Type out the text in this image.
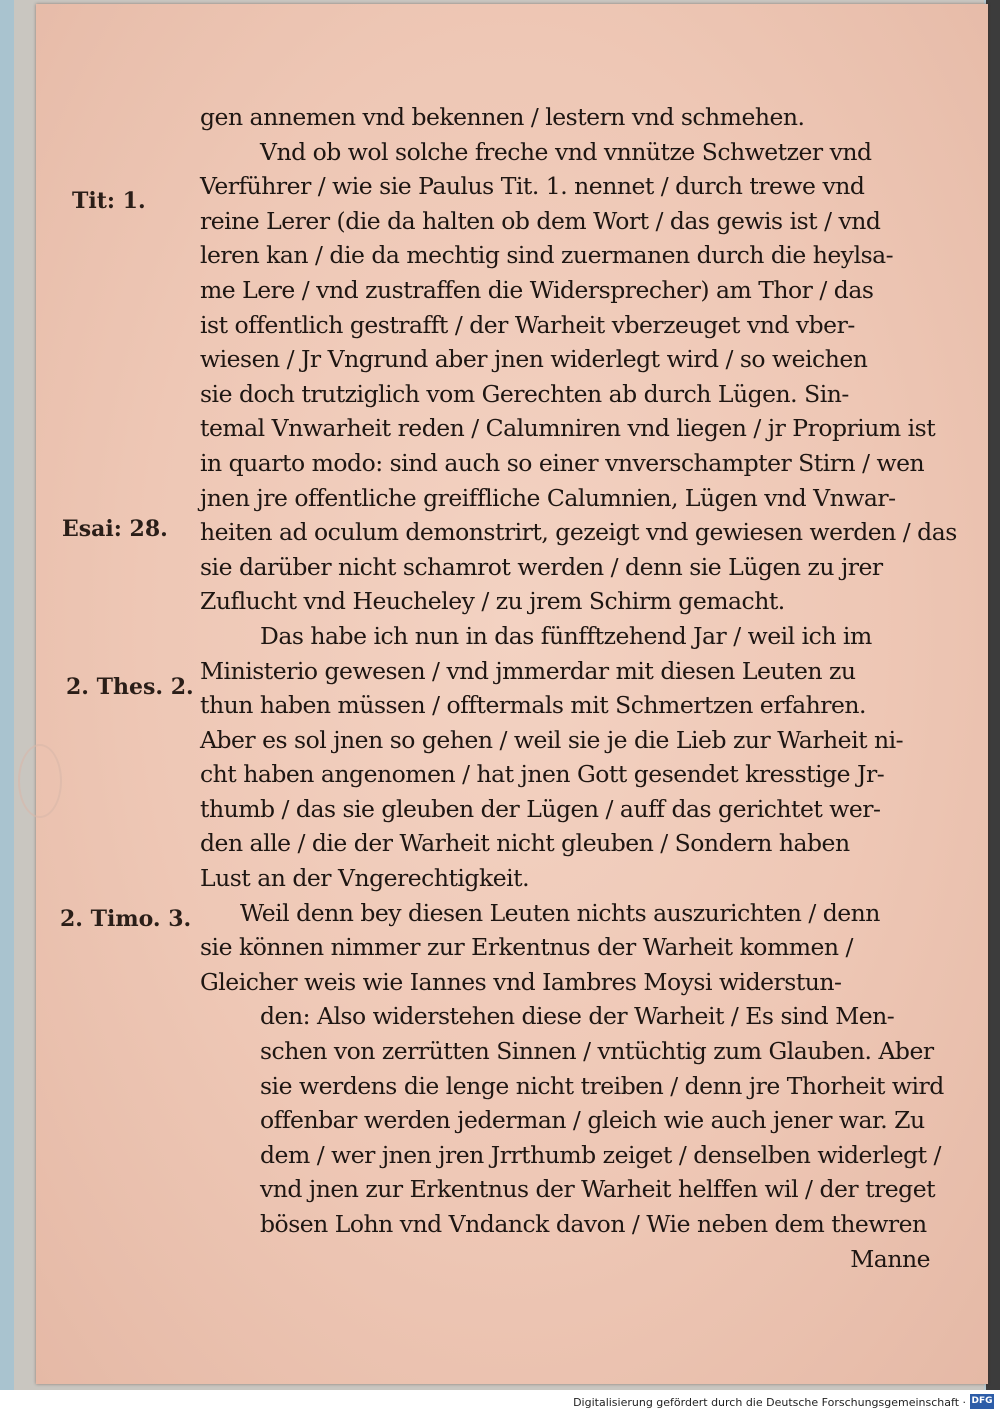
gen annemen vnd bekennen / lestern vnd schmehen.
Vnd ob wol solche freche vnd vnnütze Schwetzer vnd
Verführer / wie sie Paulus Tit. 1. nennet / durch trewe vnd
reine Lerer (die da halten ob dem Wort / das gewis ist / vnd
leren kan / die da mechtig sind zuermanen durch die heylsa-
me Lere / vnd zustraffen die Widersprecher) am Thor / das
ist offentlich gestrafft / der Warheit vberzeuget vnd vber-
wiesen / Jr Vngrund aber jnen widerlegt wird / so weichen
sie doch trutziglich vom Gerechten ab durch Lügen. Sin-
temal Vnwarheit reden / Calumniren vnd liegen / jr Proprium ist
in quarto modo: sind auch so einer vnverschampter Stirn / wen
jnen jre offentliche greiffliche Calumnien, Lügen vnd Vnwar-
heiten ad oculum demonstrirt, gezeigt vnd gewiesen werden / das
sie darüber nicht schamrot werden / denn sie Lügen zu jrer
Zuflucht vnd Heucheley / zu jrem Schirm gemacht.
Das habe ich nun in das fünfftzehend Jar / weil ich im
Ministerio gewesen / vnd jmmerdar mit diesen Leuten zu
thun haben müssen / offtermals mit Schmertzen erfahren.
Aber es sol jnen so gehen / weil sie je die Lieb zur Warheit ni-
cht haben angenomen / hat jnen Gott gesendet kresstige Jr-
thumb / das sie gleuben der Lügen / auff das gerichtet wer-
den alle / die der Warheit nicht gleuben / Sondern haben
Lust an der Vngerechtigkeit.
Weil denn bey diesen Leuten nichts auszurichten / denn
sie können nimmer zur Erkentnus der Warheit kommen /
Gleicher weis wie Iannes vnd Iambres Moysi widerstun-
den: Also widerstehen diese der Warheit / Es sind Men-
schen von zerrütten Sinnen / vntüchtig zum Glauben. Aber
sie werdens die lenge nicht treiben / denn jre Thorheit wird
offenbar werden jederman / gleich wie auch jener war. Zu
dem / wer jnen jren Jrrthumb zeiget / denselben widerlegt /
vnd jnen zur Erkentnus der Warheit helffen wil / der treget
bösen Lohn vnd Vndanck davon / Wie neben dem thewren
Manne
Tit: 1.
Esai: 28.
2. Thes. 2.
2. Timo. 3.
Digitalisierung gefördert durch die Deutsche Forschungsgemeinschaft · DFG
